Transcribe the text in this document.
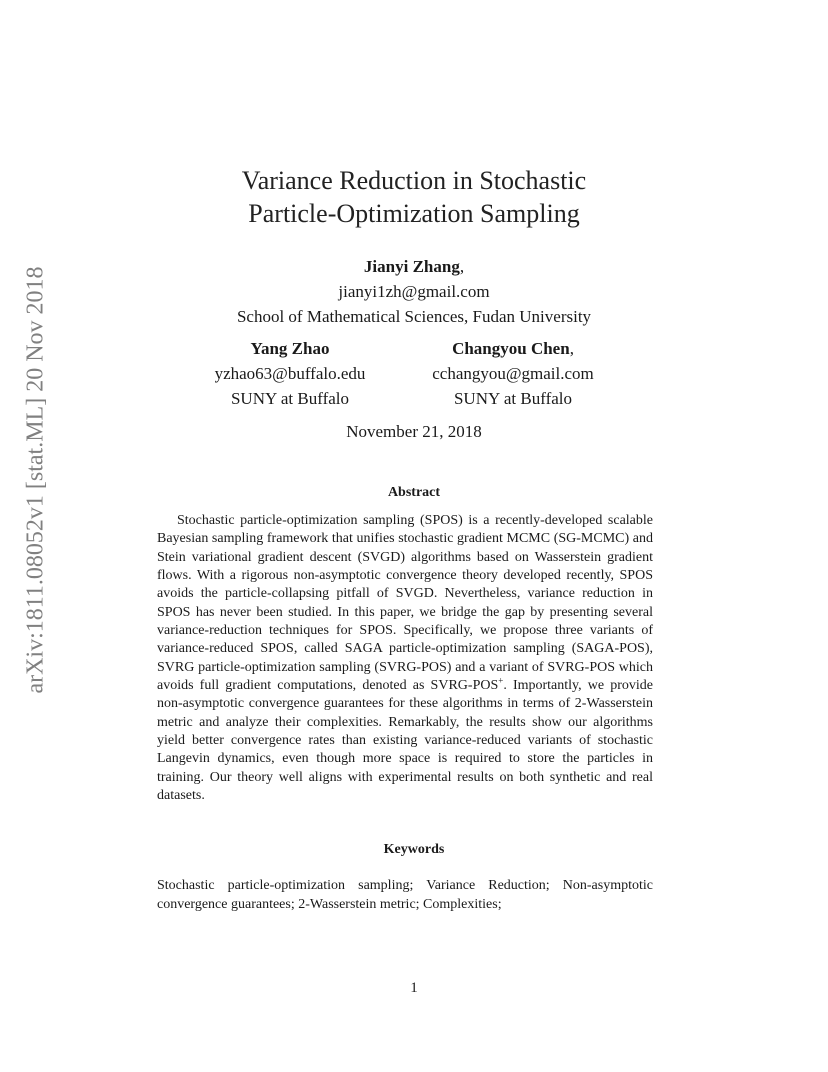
arXiv:1811.08052v1 [stat.ML] 20 Nov 2018
Variance Reduction in Stochastic
Particle-Optimization Sampling
Jianyi Zhang,
jianyi1zh@gmail.com
School of Mathematical Sciences, Fudan University
Yang Zhao
yzhao63@buffalo.edu
SUNY at Buffalo
Changyou Chen,
cchangyou@gmail.com
SUNY at Buffalo
November 21, 2018
Abstract
Stochastic particle-optimization sampling (SPOS) is a recently-developed scalable Bayesian sampling framework that unifies stochastic gradient MCMC (SG-MCMC) and Stein variational gradient descent (SVGD) algorithms based on Wasserstein gradient flows. With a rigorous non-asymptotic convergence theory developed recently, SPOS avoids the particle-collapsing pitfall of SVGD. Nevertheless, variance reduction in SPOS has never been studied. In this paper, we bridge the gap by presenting several variance-reduction techniques for SPOS. Specifically, we propose three variants of variance-reduced SPOS, called SAGA particle-optimization sampling (SAGA-POS), SVRG particle-optimization sampling (SVRG-POS) and a variant of SVRG-POS which avoids full gradient computations, denoted as SVRG-POS+. Importantly, we provide non-asymptotic convergence guarantees for these algorithms in terms of 2-Wasserstein metric and analyze their complexities. Remarkably, the results show our algorithms yield better convergence rates than existing variance-reduced variants of stochastic Langevin dynamics, even though more space is required to store the particles in training. Our theory well aligns with experimental results on both synthetic and real datasets.
Keywords
Stochastic particle-optimization sampling; Variance Reduction; Non-asymptotic convergence guarantees; 2-Wasserstein metric; Complexities;
1
